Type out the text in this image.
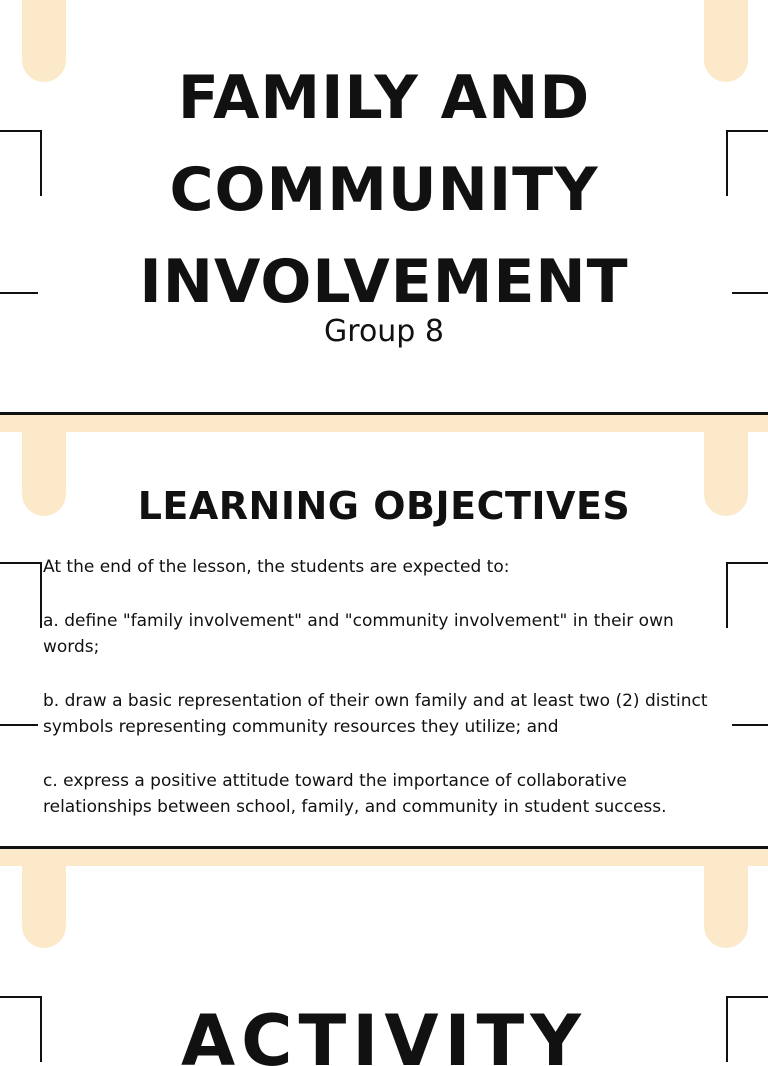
FAMILY AND
COMMUNITY
INVOLVEMENT
Group 8
LEARNING OBJECTIVES

At the end of the lesson, the students are expected to:

a. define "family involvement" and "community involvement" in their own words;

b. draw a basic representation of their own family and at least two (2) distinct symbols representing community resources they utilize; and

c. express a positive attitude toward the importance of collaborative relationships between school, family, and community in student success.

ACTIVITY
